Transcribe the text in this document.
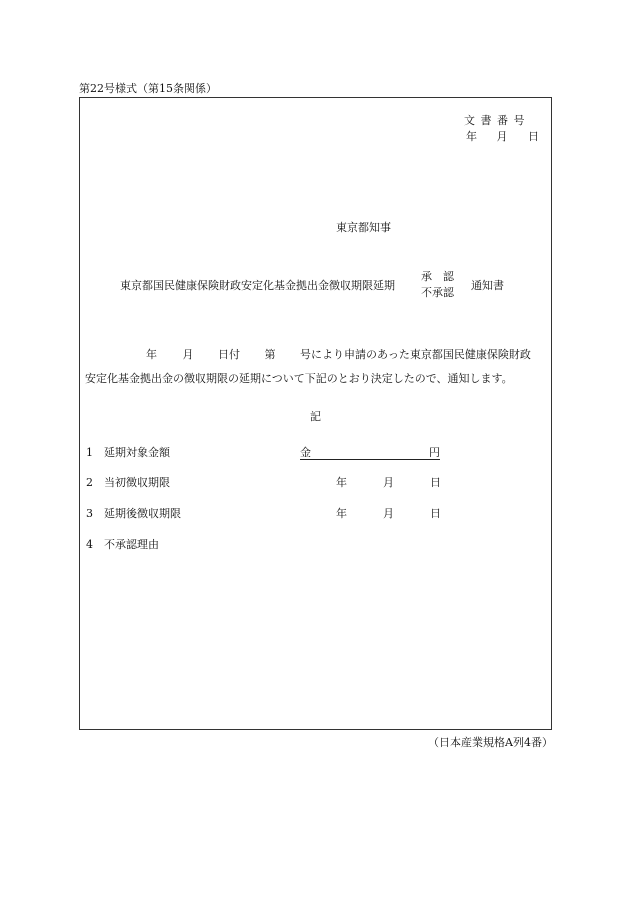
第22号様式（第15条関係）
文 書 番 号
年 月 日
東京都知事
東京都国民健康保険財政安定化基金拠出金徴収期限延期
承　認
不承認
通知書
年 月 日付 第 号により申請のあった東京都国民健康保険財政
安定化基金拠出金の徴収期限の延期について下記のとおり決定したので、通知します。
記
1 延期対象金額	金	円
2 当初徴収期限	年	月	日
3 延期後徴収期限	年	月	日
4 不承認理由
（日本産業規格A列4番）
